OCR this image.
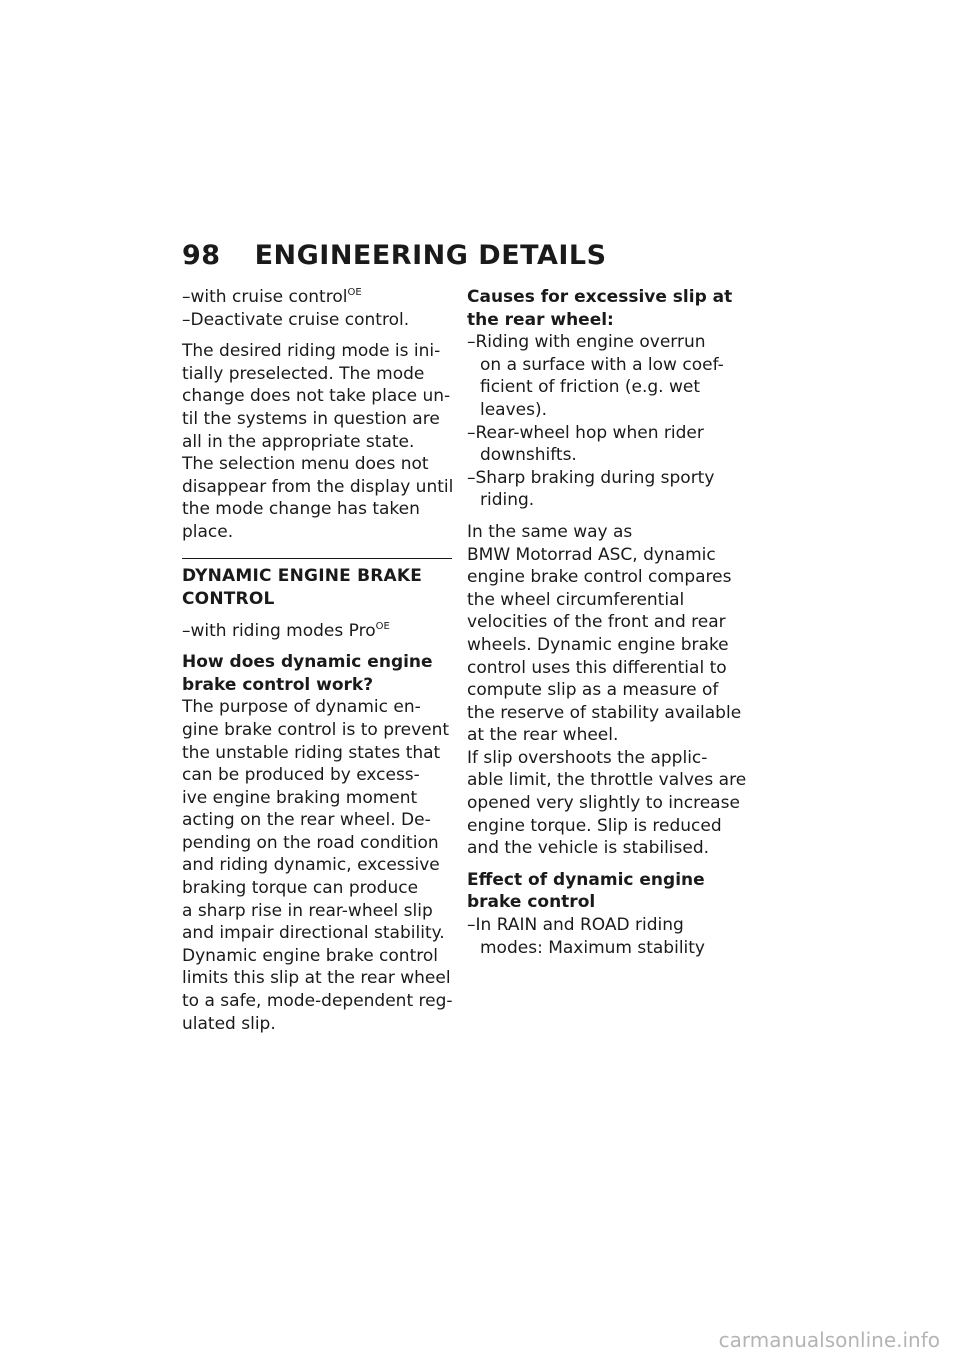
98 ENGINEERING DETAILS
–with cruise control$^{OE}$
–Deactivate cruise control.
The desired riding mode is ini-
tially preselected. The mode
change does not take place un-
til the systems in question are
all in the appropriate state.
The selection menu does not
disappear from the display until
the mode change has taken
place.
DYNAMIC ENGINE BRAKE
CONTROL
–with riding modes Pro$^{OE}$
How does dynamic engine
brake control work?
The purpose of dynamic en-
gine brake control is to prevent
the unstable riding states that
can be produced by excess-
ive engine braking moment
acting on the rear wheel. De-
pending on the road condition
and riding dynamic, excessive
braking torque can produce
a sharp rise in rear-wheel slip
and impair directional stability.
Dynamic engine brake control
limits this slip at the rear wheel
to a safe, mode-dependent reg-
ulated slip.
Causes for excessive slip at
the rear wheel:
–Riding with engine overrun
on a surface with a low coef-
ficient of friction (e.g. wet
leaves).
–Rear-wheel hop when rider
downshifts.
–Sharp braking during sporty
riding.
In the same way as
BMW Motorrad ASC, dynamic
engine brake control compares
the wheel circumferential
velocities of the front and rear
wheels. Dynamic engine brake
control uses this differential to
compute slip as a measure of
the reserve of stability available
at the rear wheel.
If slip overshoots the applic-
able limit, the throttle valves are
opened very slightly to increase
engine torque. Slip is reduced
and the vehicle is stabilised.
Effect of dynamic engine
brake control
–In RAIN and ROAD riding
modes: Maximum stability
carmanualsonline.info
